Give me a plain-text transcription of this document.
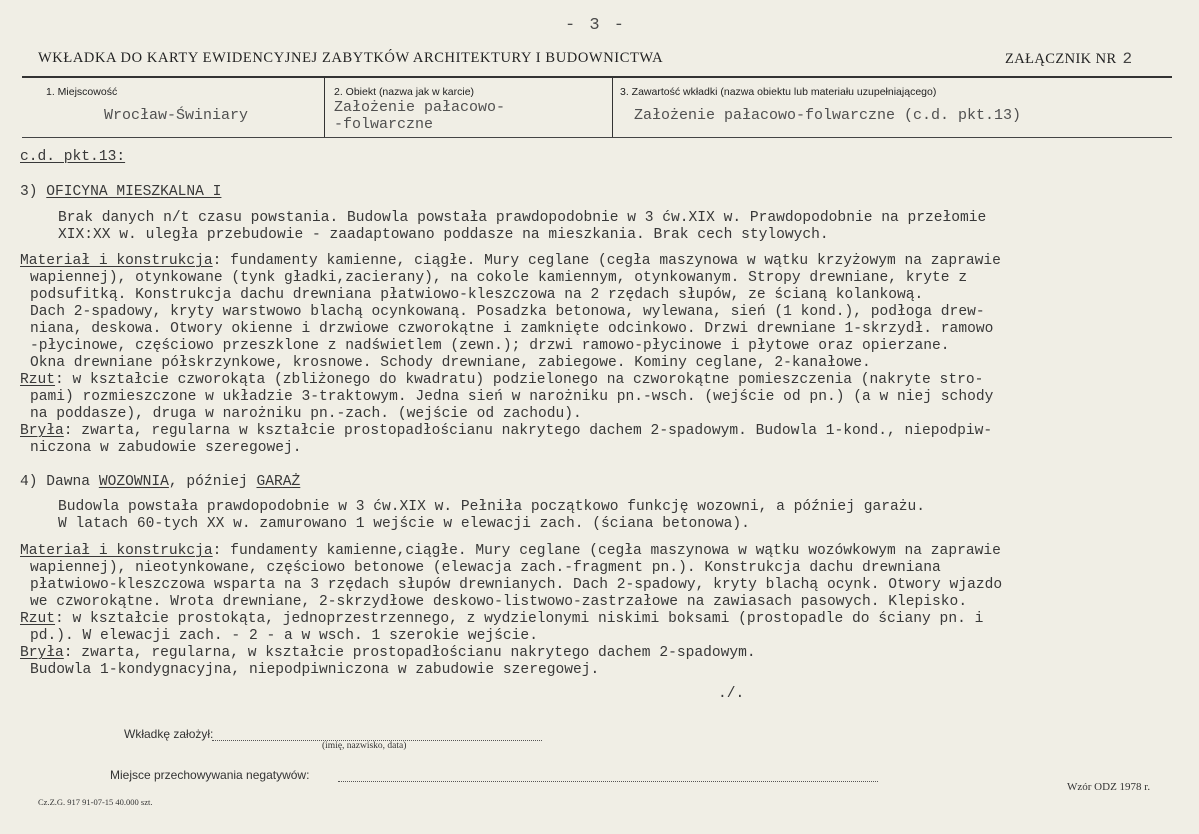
- 3 -
WKŁADKA DO KARTY EWIDENCYJNEJ ZABYTKÓW ARCHITEKTURY I BUDOWNICTWA	ZAŁĄCZNIK NR 2
1. Miejscowość
Wrocław-Świniary
2. Obiekt (nazwa jak w karcie)
Założenie pałacowo-
-folwarczne
3. Zawartość wkładki (nazwa obiektu lub materiału uzupełniającego)
Założenie pałacowo-folwarczne (c.d. pkt.13)
c.d. pkt.13:
3) OFICYNA MIESZKALNA I
Brak danych n/t czasu powstania. Budowla powstała prawdopodobnie w 3 ćw.XIX w. Prawdopodobnie na przełomie
XIX:XX w. uległa przebudowie - zaadaptowano poddasze na mieszkania. Brak cech stylowych.
Materiał i konstrukcja: fundamenty kamienne, ciągłe. Mury ceglane (cegła maszynowa w wątku krzyżowym na zaprawie
wapiennej), otynkowane (tynk gładki,zacierany), na cokole kamiennym, otynkowanym. Stropy drewniane, kryte z
podsufitką. Konstrukcja dachu drewniana płatwiowo-kleszczowa na 2 rzędach słupów, ze ścianą kolankową.
Dach 2-spadowy, kryty warstwowo blachą ocynkowaną. Posadzka betonowa, wylewana, sień (1 kond.), podłoga drew-
niana, deskowa. Otwory okienne i drzwiowe czworokątne i zamknięte odcinkowo. Drzwi drewniane 1-skrzydł. ramowo
-płycinowe, częściowo przeszklone z nadświetlem (zewn.); drzwi ramowo-płycinowe i płytowe oraz opierzane.
Okna drewniane półskrzynkowe, krosnowe. Schody drewniane, zabiegowe. Kominy ceglane, 2-kanałowe.
Rzut: w kształcie czworokąta (zbliżonego do kwadratu) podzielonego na czworokątne pomieszczenia (nakryte stro-
pami) rozmieszczone w układzie 3-traktowym. Jedna sień w narożniku pn.-wsch. (wejście od pn.) (a w niej schody
na poddasze), druga w narożniku pn.-zach. (wejście od zachodu).
Bryła: zwarta, regularna w kształcie prostopadłościanu nakrytego dachem 2-spadowym. Budowla 1-kond., niepodpiw-
niczona w zabudowie szeregowej.
4) Dawna WOZOWNIA, później GARAŻ
Budowla powstała prawdopodobnie w 3 ćw.XIX w. Pełniła początkowo funkcję wozowni, a później garażu.
W latach 60-tych XX w. zamurowano 1 wejście w elewacji zach. (ściana betonowa).
Materiał i konstrukcja: fundamenty kamienne,ciągłe. Mury ceglane (cegła maszynowa w wątku wozówkowym na zaprawie
wapiennej), nieotynkowane, częściowo betonowe (elewacja zach.-fragment pn.). Konstrukcja dachu drewniana
płatwiowo-kleszczowa wsparta na 3 rzędach słupów drewnianych. Dach 2-spadowy, kryty blachą ocynk. Otwory wjazdo
we czworokątne. Wrota drewniane, 2-skrzydłowe deskowo-listwowo-zastrzałowe na zawiasach pasowych. Klepisko.
Rzut: w kształcie prostokąta, jednoprzestrzennego, z wydzielonymi niskimi boksami (prostopadle do ściany pn. i
pd.). W elewacji zach. - 2 - a w wsch. 1 szerokie wejście.
Bryła: zwarta, regularna, w kształcie prostopadłościanu nakrytego dachem 2-spadowym.
Budowla 1-kondygnacyjna, niepodpiwniczona w zabudowie szeregowej.
./.
Wkładkę założył:
(imię, nazwisko, data)
Miejsce przechowywania negatywów:
Wzór ODZ 1978 r.
Cz.Z.G. 917 91-07-15 40.000 szt.
